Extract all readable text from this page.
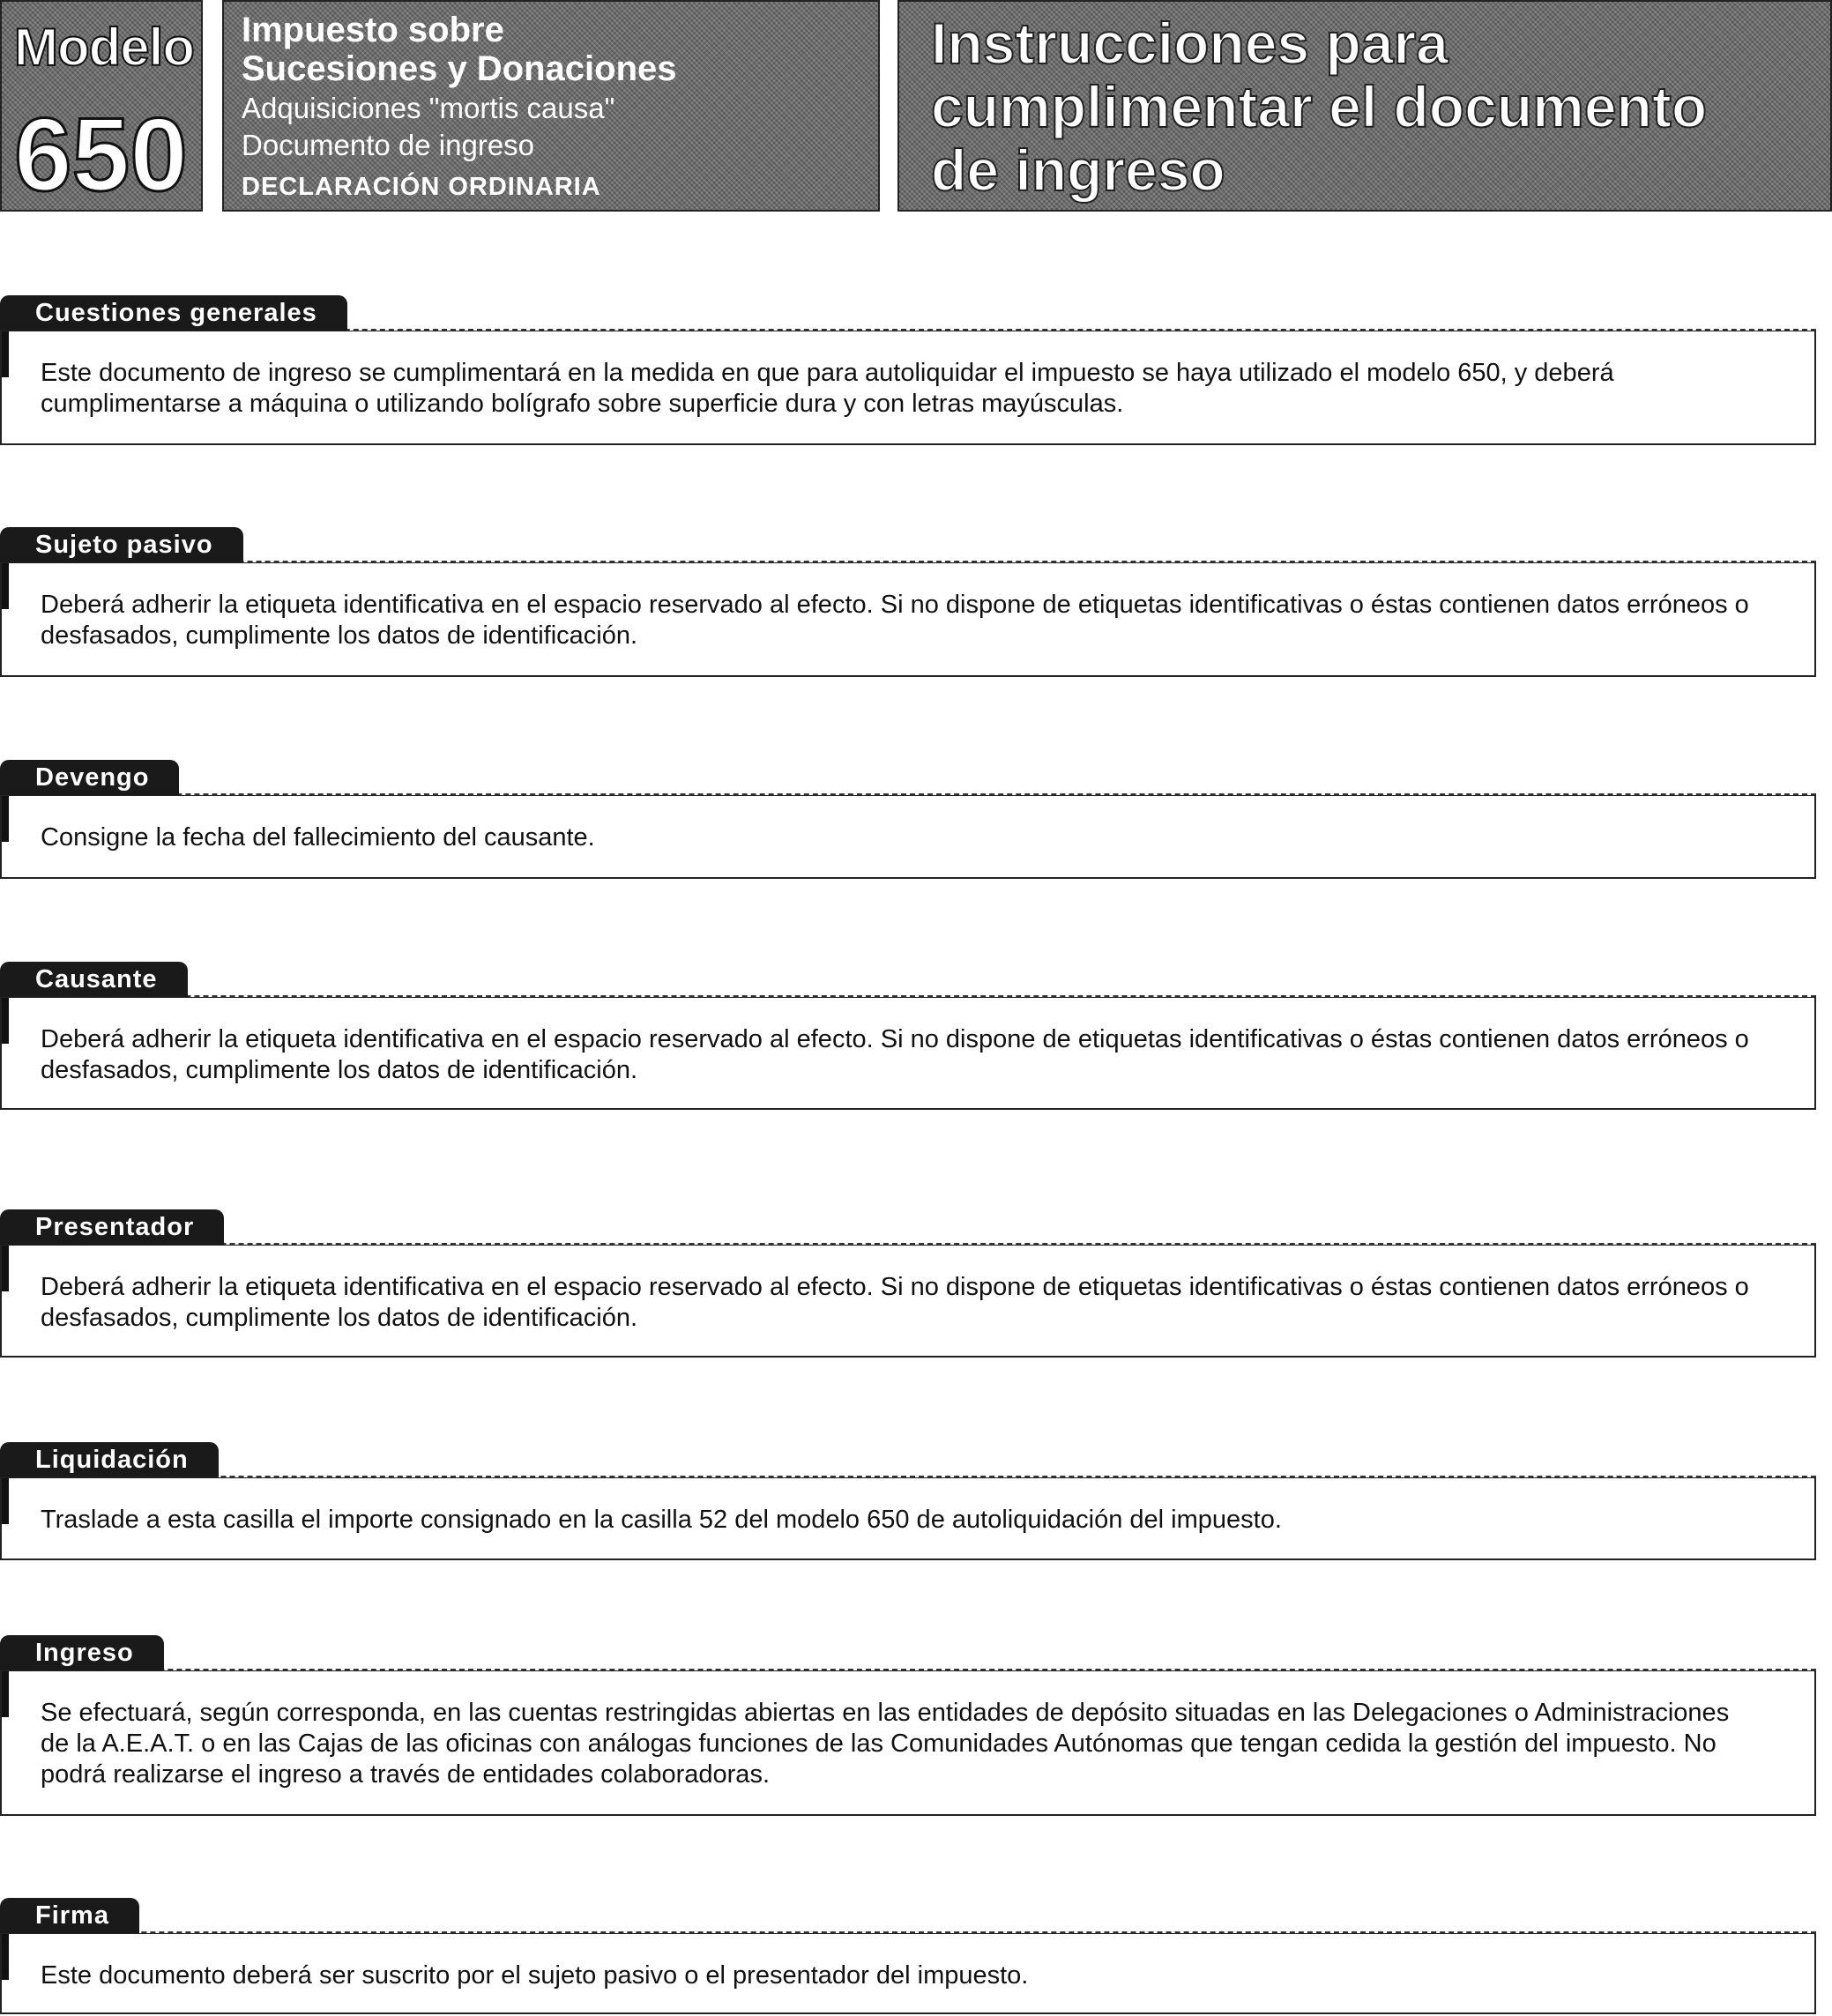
Modelo
650
Impuesto sobre
Sucesiones y Donaciones
Adquisiciones "mortis causa"
Documento de ingreso
DECLARACIÓN ORDINARIA
Instrucciones para
cumplimentar el documento
de ingreso
Cuestiones generales
Este documento de ingreso se cumplimentará en la medida en que para autoliquidar el impuesto se haya utilizado el modelo 650, y deberá cumplimentarse a máquina o utilizando bolígrafo sobre superficie dura y con letras mayúsculas.
Sujeto pasivo
Deberá adherir la etiqueta identificativa en el espacio reservado al efecto. Si no dispone de etiquetas identificativas o éstas contienen datos erróneos o desfasados, cumplimente los datos de identificación.
Devengo
Consigne la fecha del fallecimiento del causante.
Causante
Deberá adherir la etiqueta identificativa en el espacio reservado al efecto. Si no dispone de etiquetas identificativas o éstas contienen datos erróneos o desfasados, cumplimente los datos de identificación.
Presentador
Deberá adherir la etiqueta identificativa en el espacio reservado al efecto. Si no dispone de etiquetas identificativas o éstas contienen datos erróneos o desfasados, cumplimente los datos de identificación.
Liquidación
Traslade a esta casilla el importe consignado en la casilla 52 del modelo 650 de autoliquidación del impuesto.
Ingreso
Se efectuará, según corresponda, en las cuentas restringidas abiertas en las entidades de depósito situadas en las Delegaciones o Administraciones de la A.E.A.T. o en las Cajas de las oficinas con análogas funciones de las Comunidades Autónomas que tengan cedida la gestión del impuesto. No podrá realizarse el ingreso a través de entidades colaboradoras.
Firma
Este documento deberá ser suscrito por el sujeto pasivo o el presentador del impuesto.
